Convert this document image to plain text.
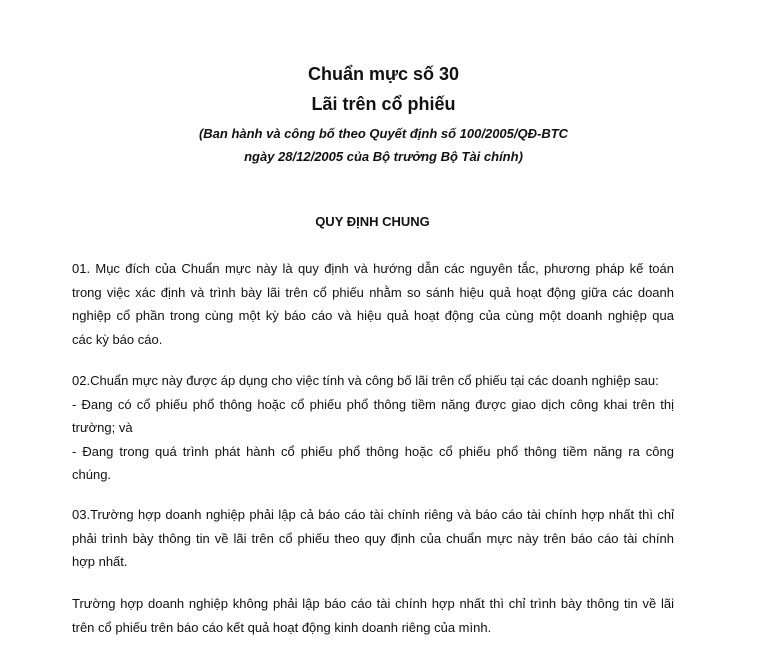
Chuẩn mực số 30
Lãi trên cổ phiếu
(Ban hành và công bố theo Quyết định số 100/2005/QĐ-BTC
ngày 28/12/2005 của Bộ trưởng Bộ Tài chính)
QUY ĐỊNH CHUNG

01. Mục đích của Chuẩn mực này là quy định và hướng dẫn các nguyên tắc, phương pháp kế toán
trong việc xác định và trình bày lãi trên cổ phiếu nhằm so sánh hiệu quả hoạt động giữa các doanh
nghiệp cổ phần trong cùng một kỳ báo cáo và hiệu quả hoạt động của cùng một doanh nghiệp qua
các kỳ báo cáo.

02.Chuẩn mực này được áp dụng cho việc tính và công bố lãi trên cổ phiếu tại các doanh nghiệp sau:
- Đang có cổ phiếu phổ thông hoặc cổ phiếu phổ thông tiềm năng được giao dịch công khai trên thị
trường; và
- Đang trong quá trình phát hành cổ phiếu phổ thông hoặc cổ phiếu phổ thông tiềm năng ra công
chúng.

03.Trường hợp doanh nghiệp phải lập cả báo cáo tài chính riêng và báo cáo tài chính hợp nhất thì chỉ
phải trình bày thông tin về lãi trên cổ phiếu theo quy định của chuẩn mực này trên báo cáo tài chính
hợp nhất.

Trường hợp doanh nghiệp không phải lập báo cáo tài chính hợp nhất thì chỉ trình bày thông tin về lãi
trên cổ phiếu trên báo cáo kết quả hoạt động kinh doanh riêng của mình.
